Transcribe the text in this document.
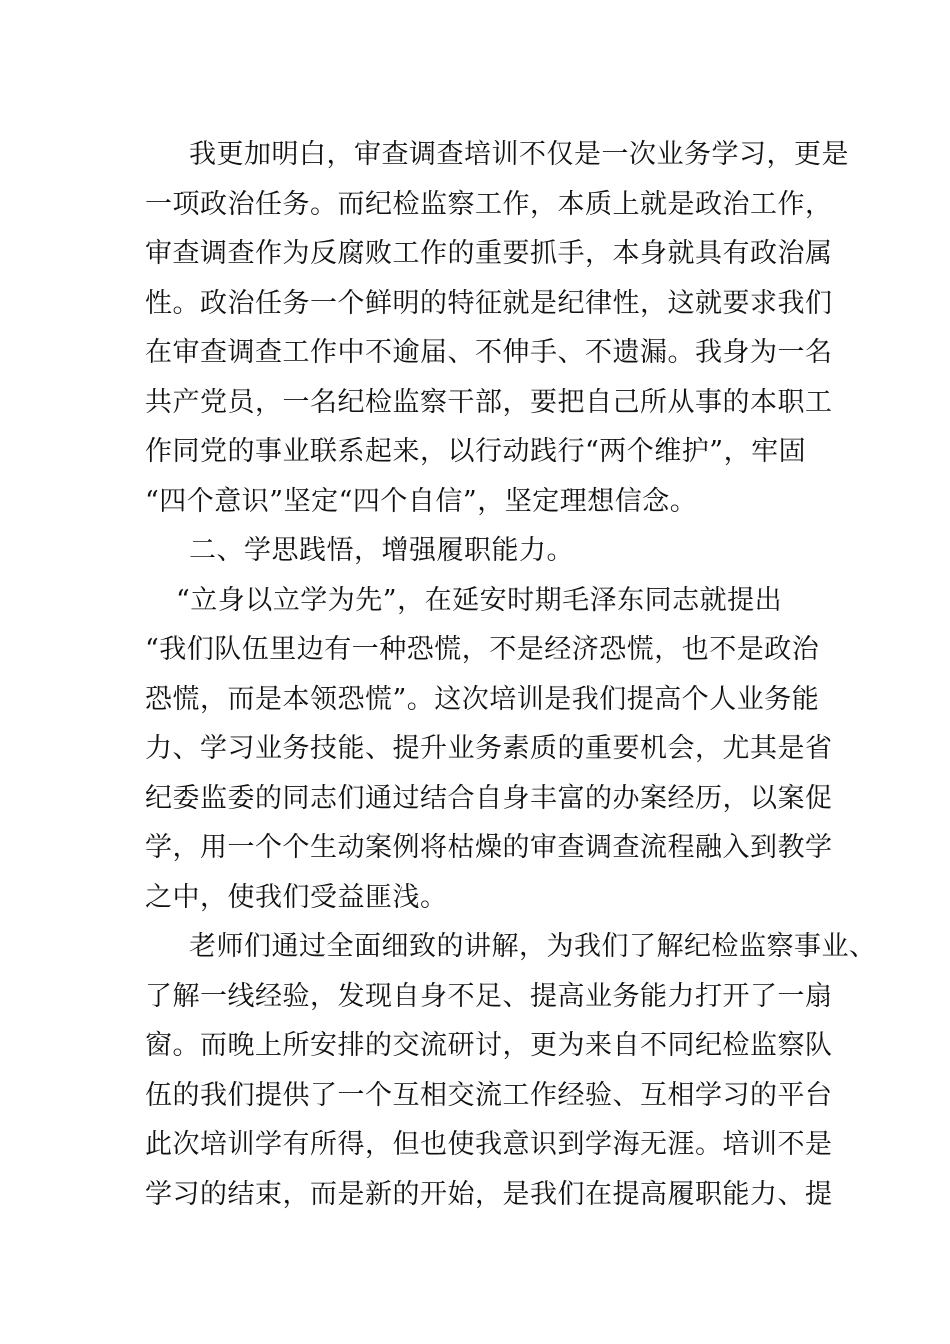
我更加明白，审查调查培训不仅是一次业务学习，更是
一项政治任务。而纪检监察工作，本质上就是政治工作，
审查调查作为反腐败工作的重要抓手，本身就具有政治属
性。政治任务一个鲜明的特征就是纪律性，这就要求我们
在审查调查工作中不逾届、不伸手、不遗漏。我身为一名
共产党员，一名纪检监察干部，要把自己所从事的本职工
作同党的事业联系起来，以行动践行“两个维护”，牢固
“四个意识”坚定“四个自信”，坚定理想信念。
二、学思践悟，增强履职能力。
“立身以立学为先”，在延安时期毛泽东同志就提出
“我们队伍里边有一种恐慌，不是经济恐慌，也不是政治
恐慌，而是本领恐慌”。这次培训是我们提高个人业务能
力、学习业务技能、提升业务素质的重要机会，尤其是省
纪委监委的同志们通过结合自身丰富的办案经历，以案促
学，用一个个生动案例将枯燥的审查调查流程融入到教学
之中，使我们受益匪浅。
老师们通过全面细致的讲解，为我们了解纪检监察事业、
了解一线经验，发现自身不足、提高业务能力打开了一扇
窗。而晚上所安排的交流研讨，更为来自不同纪检监察队
伍的我们提供了一个互相交流工作经验、互相学习的平台
此次培训学有所得，但也使我意识到学海无涯。培训不是
学习的结束，而是新的开始，是我们在提高履职能力、提
